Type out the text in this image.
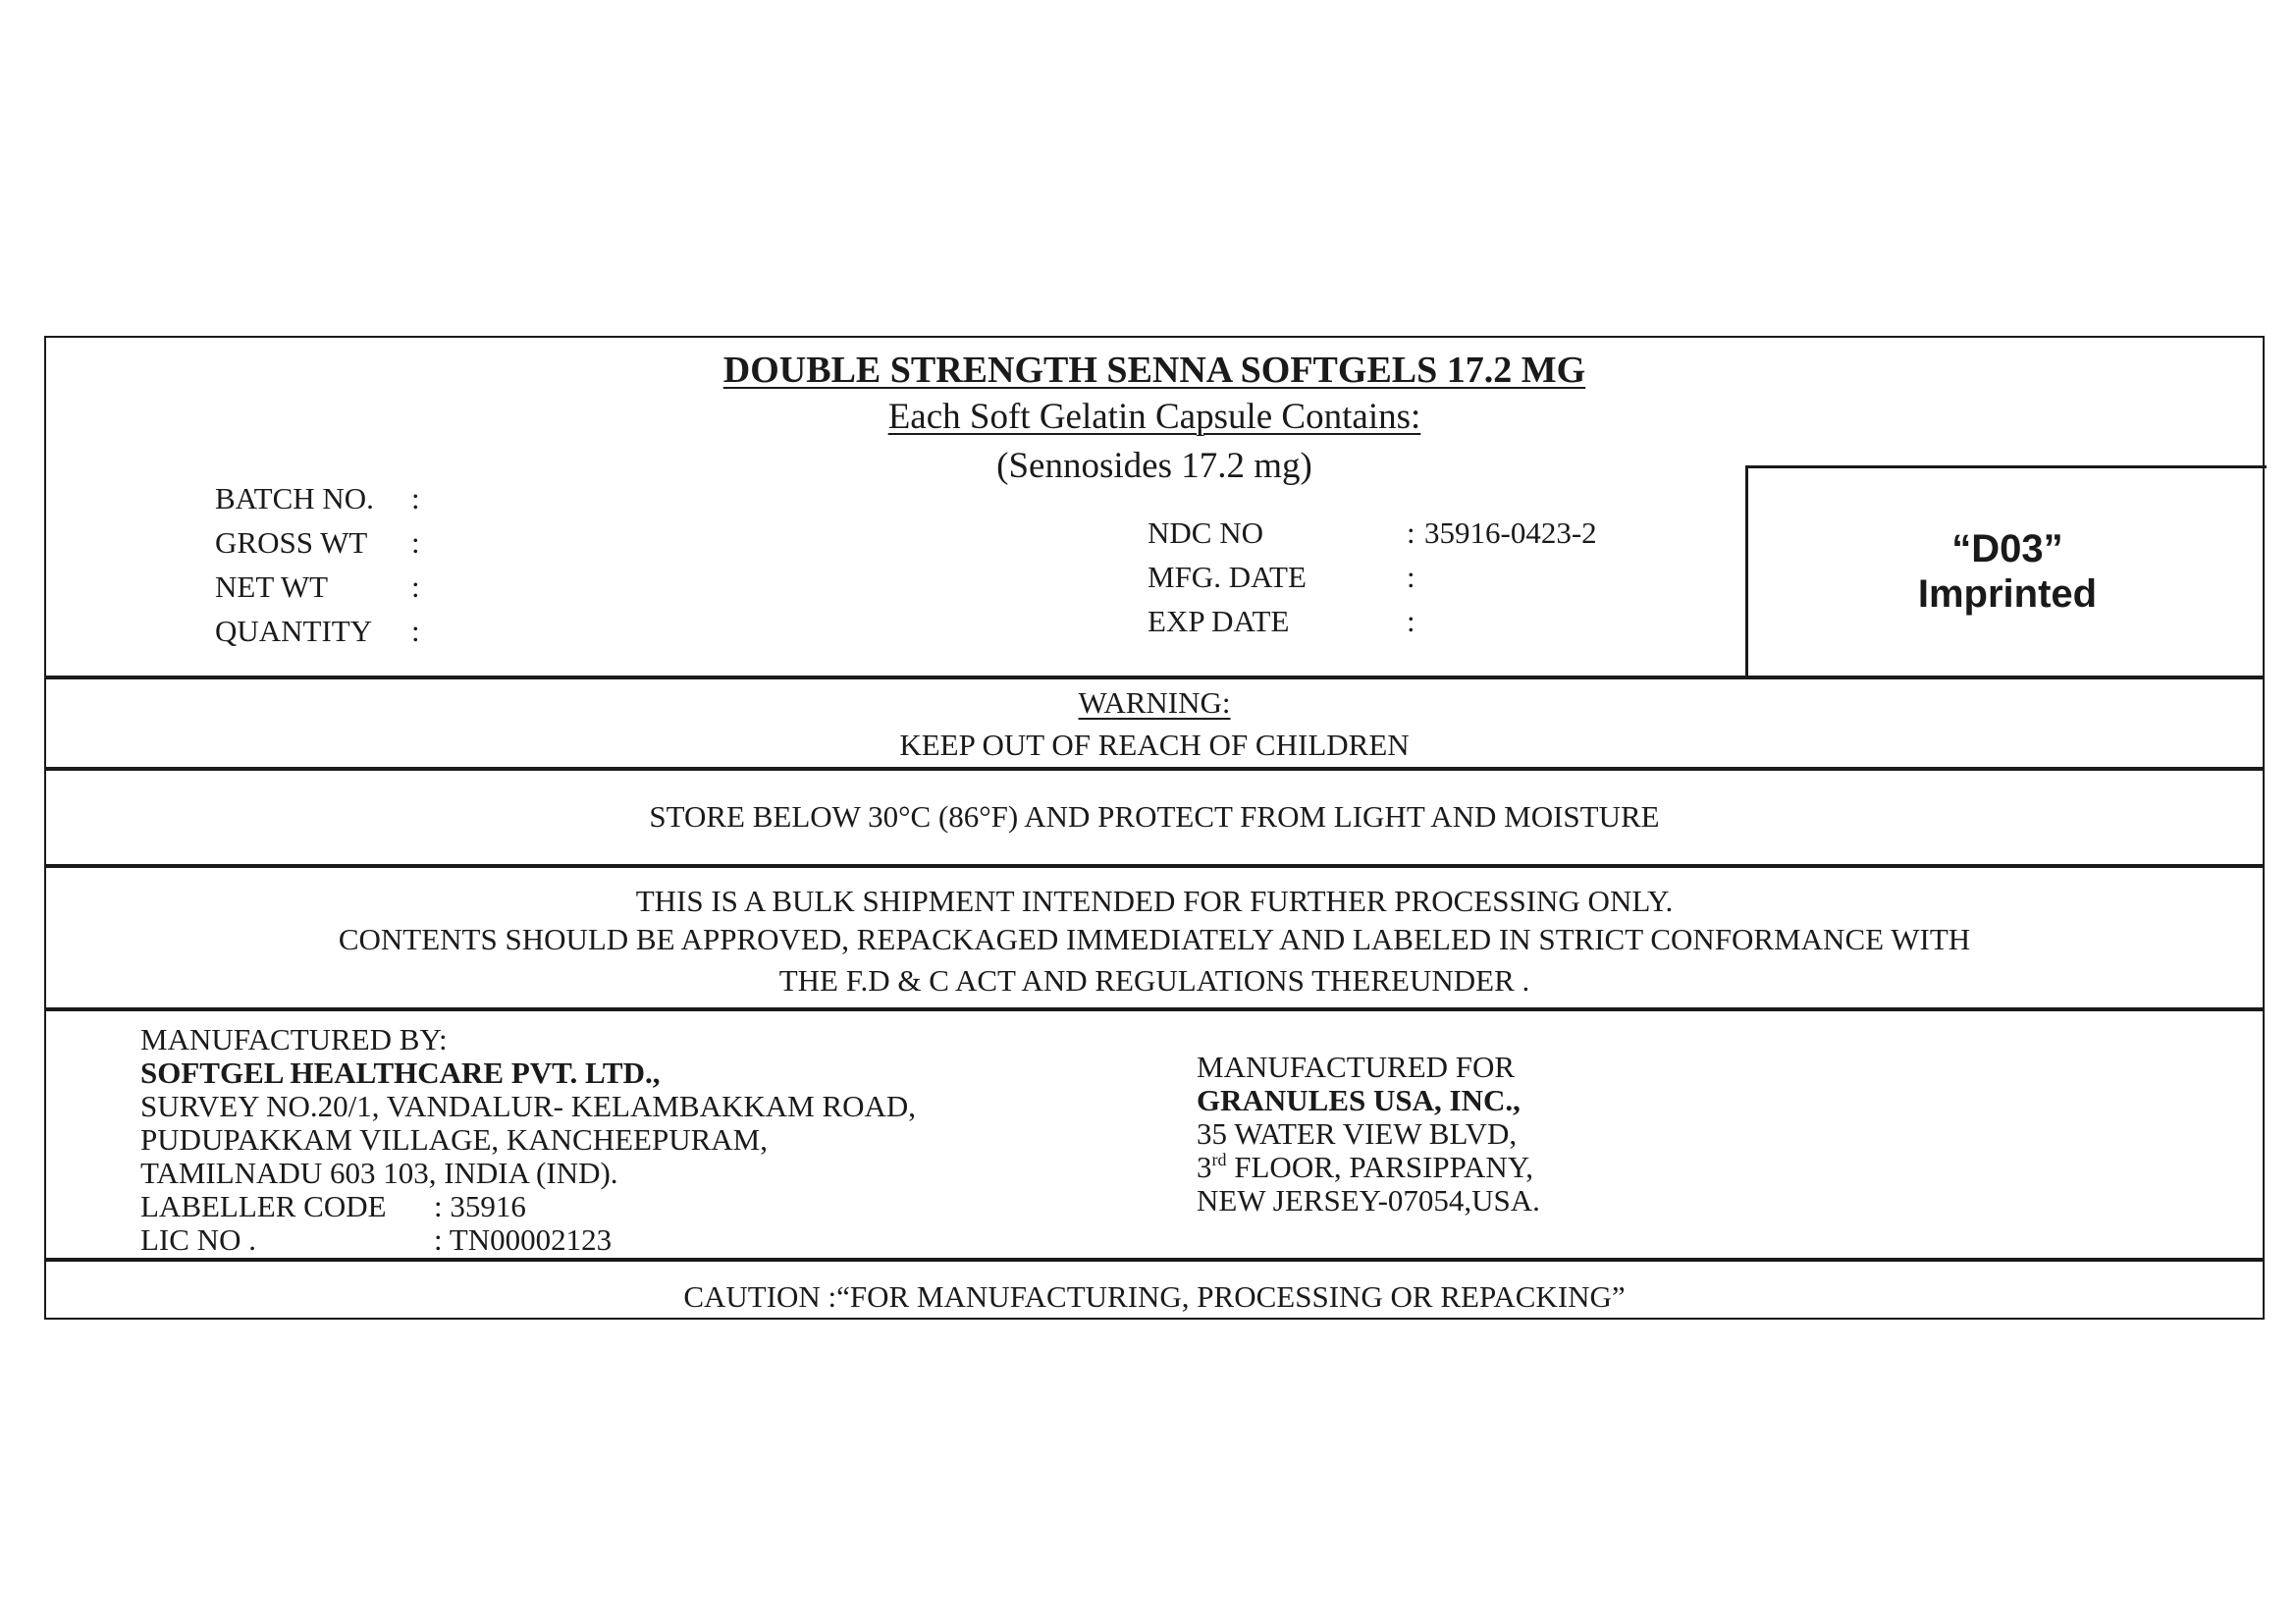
DOUBLE STRENGTH SENNA SOFTGELS 17.2 MG
Each Soft Gelatin Capsule Contains:
(Sennosides 17.2 mg)
BATCH NO. :
GROSS WT :
NET WT	:
QUANTITY :
NDC NO	: 35916-0423-2
MFG. DATE	:
EXP DATE	:
“D03”
Imprinted
WARNING:
KEEP OUT OF REACH OF CHILDREN
STORE BELOW 30°C (86°F) AND PROTECT FROM LIGHT AND MOISTURE
THIS IS A BULK SHIPMENT INTENDED FOR FURTHER PROCESSING ONLY.
CONTENTS SHOULD BE APPROVED, REPACKAGED IMMEDIATELY AND LABELED IN STRICT CONFORMANCE WITH
THE F.D & C ACT AND REGULATIONS THEREUNDER .
MANUFACTURED BY:
SOFTGEL HEALTHCARE PVT. LTD.,
SURVEY NO.20/1, VANDALUR- KELAMBAKKAM ROAD,
PUDUPAKKAM VILLAGE, KANCHEEPURAM,
TAMILNADU 603 103, INDIA (IND).
LABELLER CODE : 35916
LIC NO .	: TN00002123
MANUFACTURED FOR
GRANULES USA, INC.,
35 WATER VIEW BLVD,
3rd FLOOR, PARSIPPANY,
NEW JERSEY-07054,USA.
CAUTION :“FOR MANUFACTURING, PROCESSING OR REPACKING”
